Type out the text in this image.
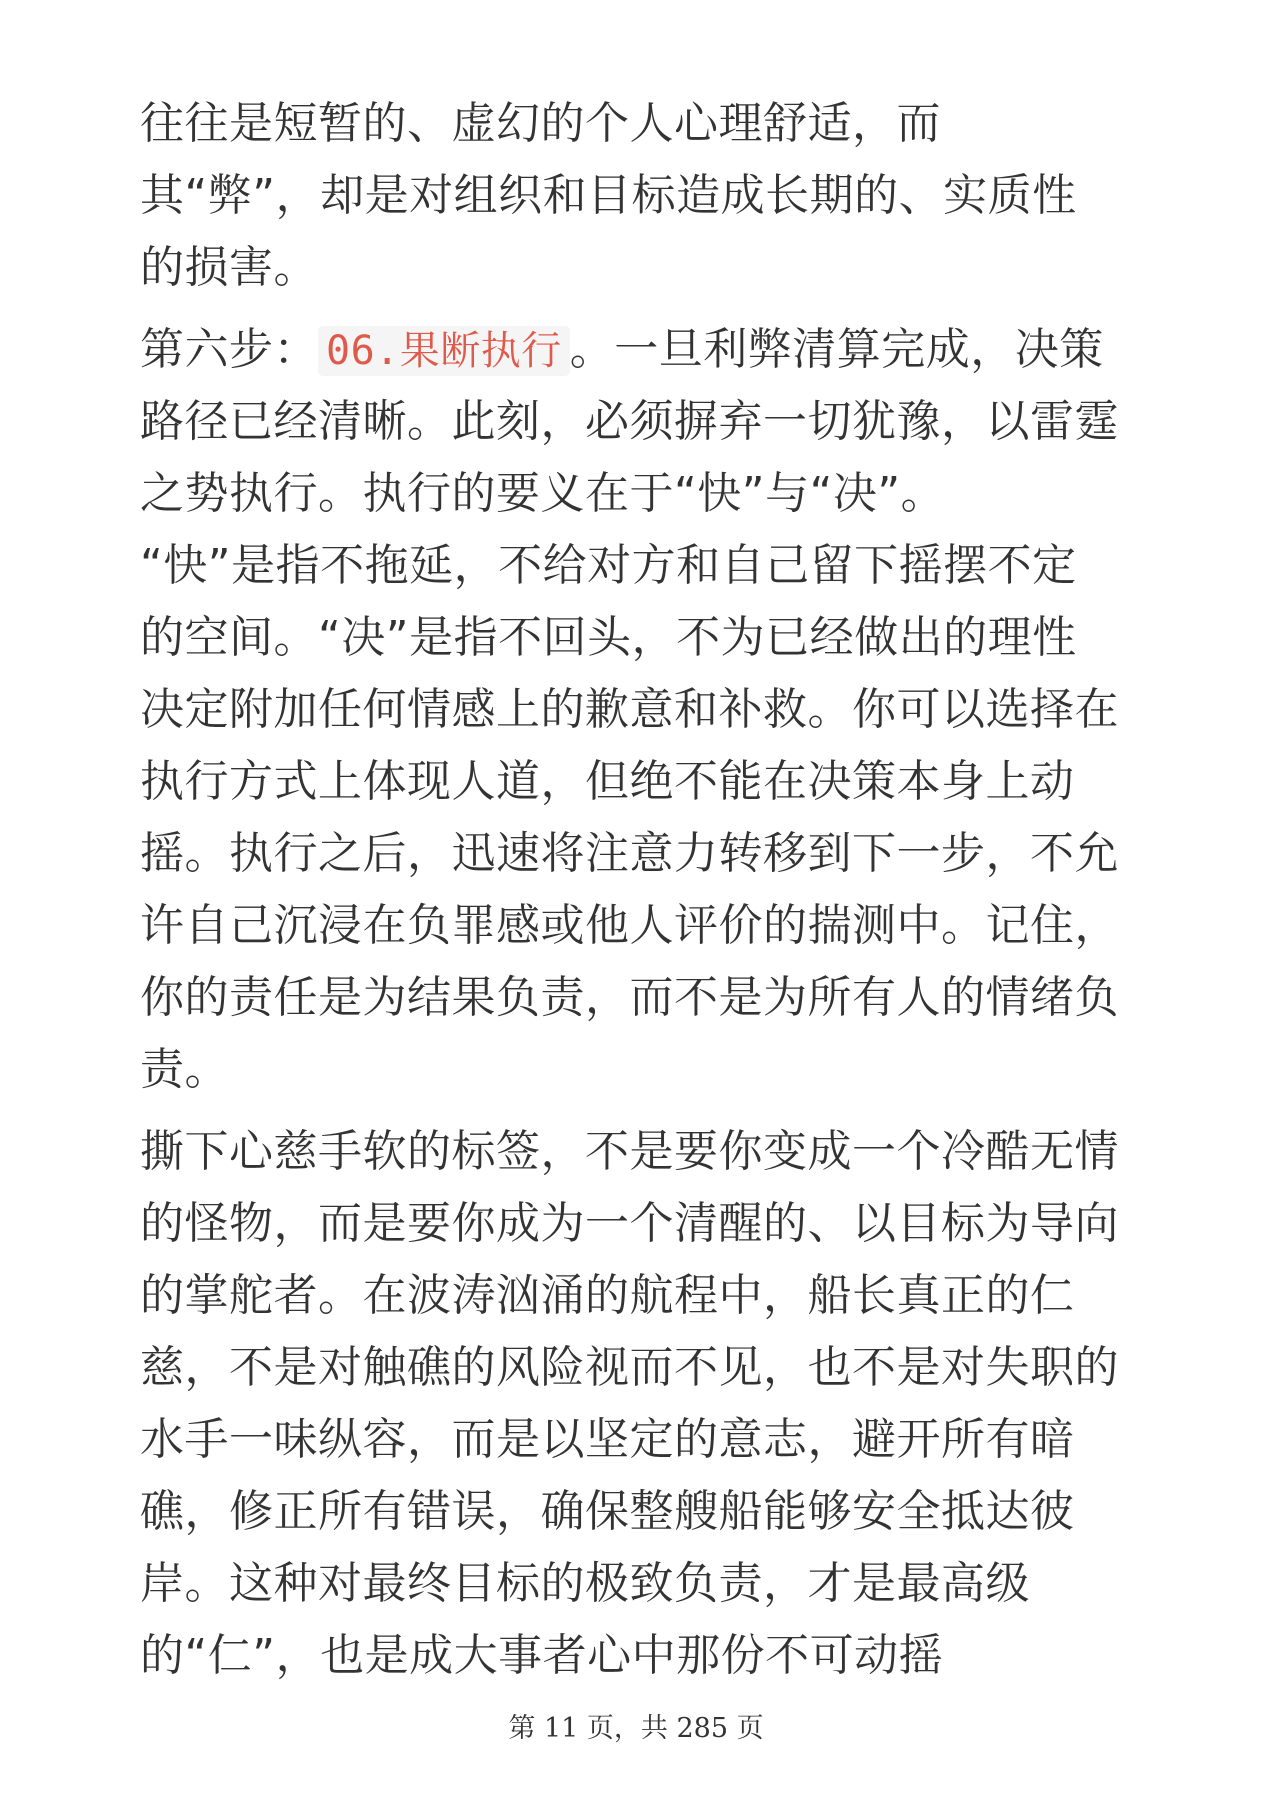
往往是短暂的、虚幻的个人心理舒适，而
其“弊”，却是对组织和目标造成长期的、实质性
的损害。
第六步： 06.果断执行 。一旦利弊清算完成，决策
路径已经清晰。此刻，必须摒弃一切犹豫，以雷霆
之势执行。执行的要义在于“快”与“决”。
“快”是指不拖延，不给对方和自己留下摇摆不定
的空间。“决”是指不回头，不为已经做出的理性
决定附加任何情感上的歉意和补救。你可以选择在
执行方式上体现人道，但绝不能在决策本身上动
摇。执行之后，迅速将注意力转移到下一步，不允
许自己沉浸在负罪感或他人评价的揣测中。记住，
你的责任是为结果负责，而不是为所有人的情绪负
责。
撕下心慈手软的标签，不是要你变成一个冷酷无情
的怪物，而是要你成为一个清醒的、以目标为导向
的掌舵者。在波涛汹涌的航程中，船长真正的仁
慈，不是对触礁的风险视而不见，也不是对失职的
水手一味纵容，而是以坚定的意志，避开所有暗
礁，修正所有错误，确保整艘船能够安全抵达彼
岸。这种对最终目标的极致负责，才是最高级
的“仁”，也是成大事者心中那份不可动摇
第 11 页，共 285 页
